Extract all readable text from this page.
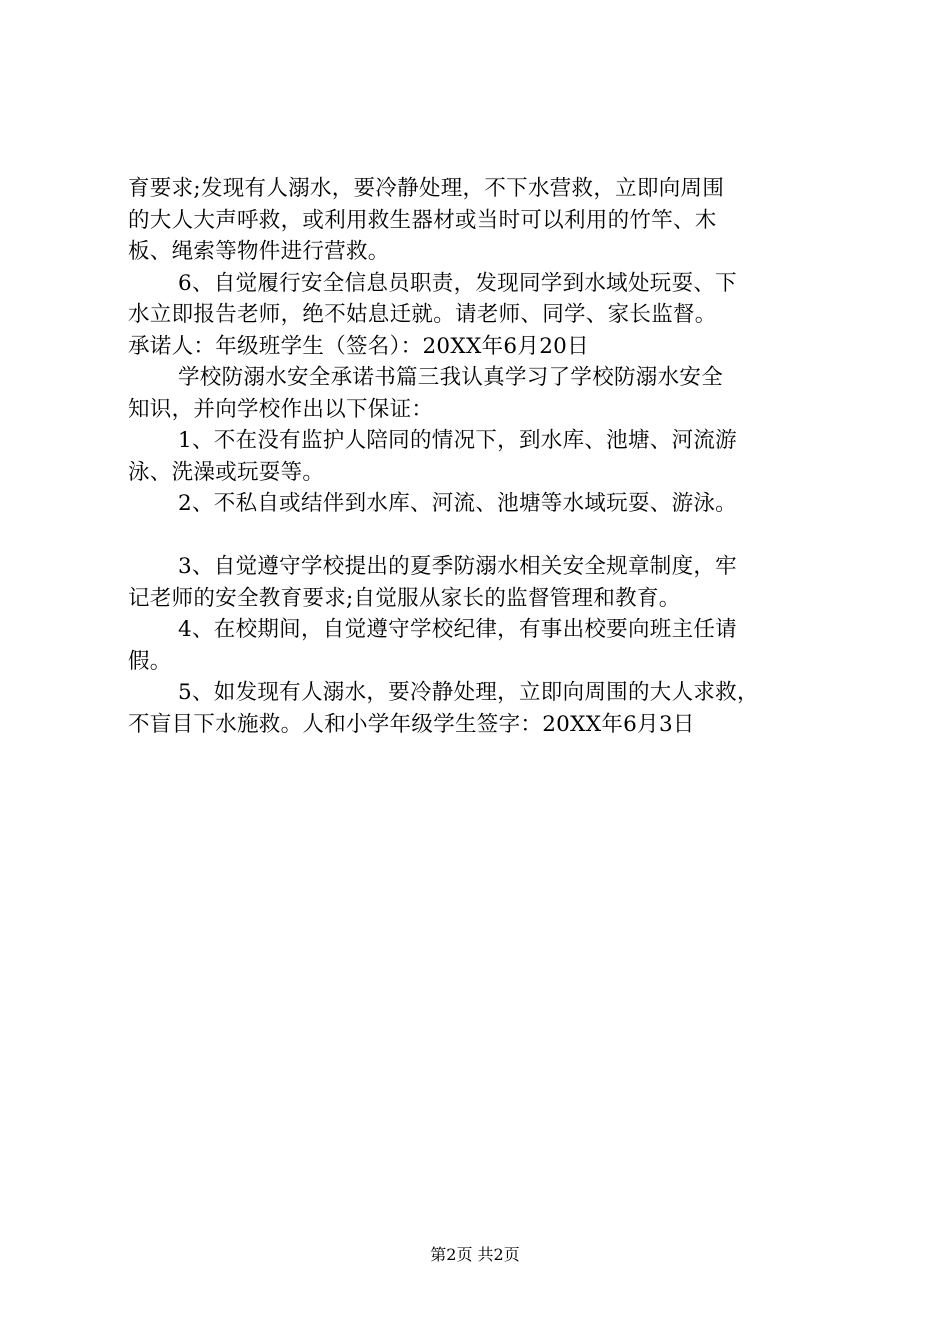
育要求;发现有人溺水，要冷静处理，不下水营救，立即向周围
的大人大声呼救，或利用救生器材或当时可以利用的竹竿、木
板、绳索等物件进行营救。
6、自觉履行安全信息员职责，发现同学到水域处玩耍、下
水立即报告老师，绝不姑息迁就。请老师、同学、家长监督。
承诺人：年级班学生（签名）：20XX年6月20日
学校防溺水安全承诺书篇三我认真学习了学校防溺水安全
知识，并向学校作出以下保证：
1、不在没有监护人陪同的情况下，到水库、池塘、河流游
泳、洗澡或玩耍等。
2、不私自或结伴到水库、河流、池塘等水域玩耍、游泳。
3、自觉遵守学校提出的夏季防溺水相关安全规章制度，牢
记老师的安全教育要求;自觉服从家长的监督管理和教育。
4、在校期间，自觉遵守学校纪律，有事出校要向班主任请
假。
5、如发现有人溺水，要冷静处理，立即向周围的大人求救，
不盲目下水施救。人和小学年级学生签字：20XX年6月3日
第2页 共2页
